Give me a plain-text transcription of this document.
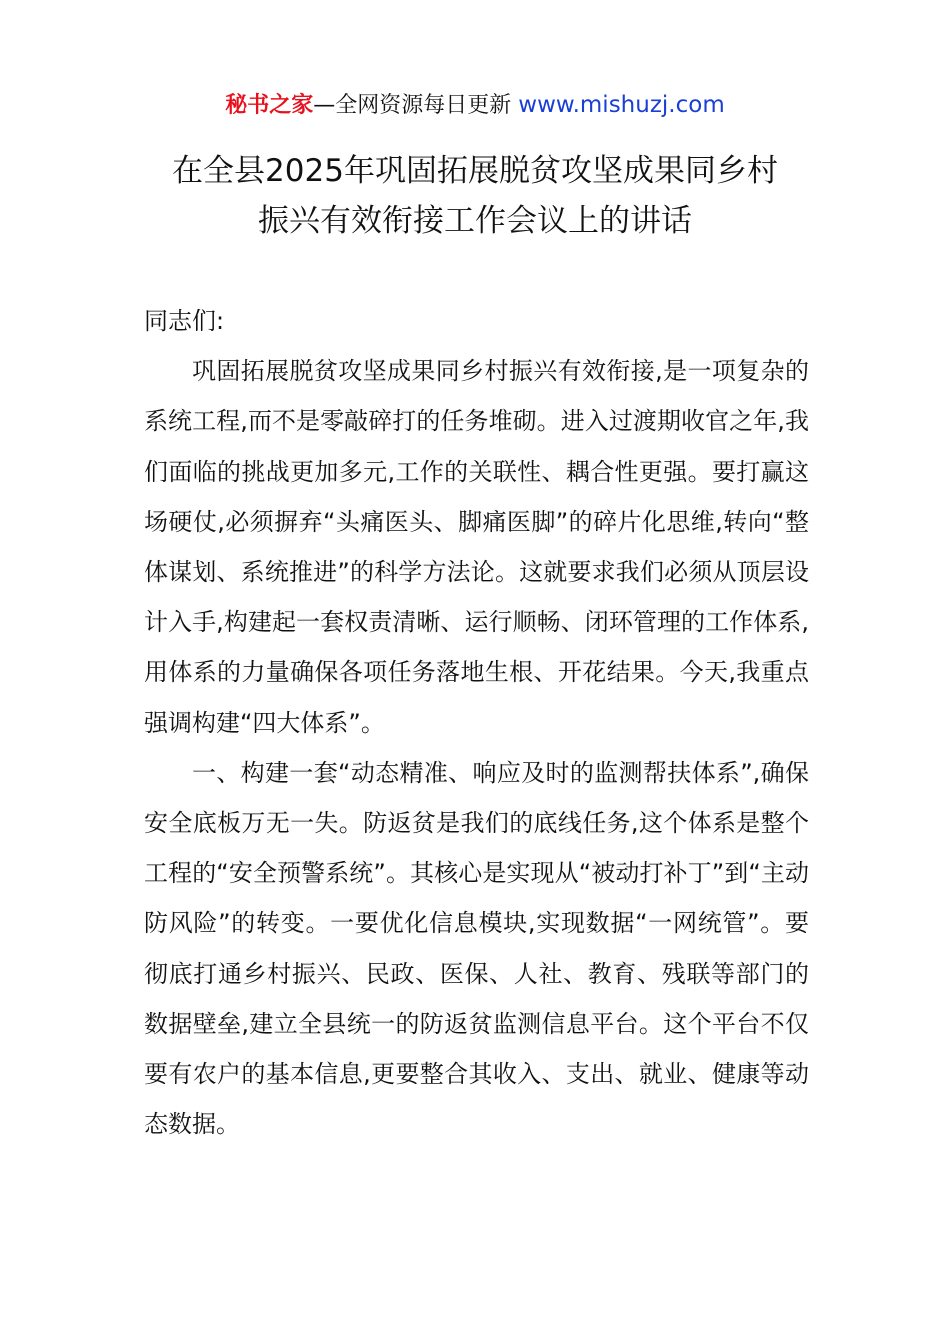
秘书之家—全网资源每日更新 www.mishuzj.com
在全县2025年巩固拓展脱贫攻坚成果同乡村
振兴有效衔接工作会议上的讲话

同志们:

巩固拓展脱贫攻坚成果同乡村振兴有效衔接,是一项复杂的系统工程,而不是零敲碎打的任务堆砌。进入过渡期收官之年,我们面临的挑战更加多元,工作的关联性、耦合性更强。要打赢这场硬仗,必须摒弃“头痛医头、脚痛医脚”的碎片化思维,转向“整体谋划、系统推进”的科学方法论。这就要求我们必须从顶层设计入手,构建起一套权责清晰、运行顺畅、闭环管理的工作体系,用体系的力量确保各项任务落地生根、开花结果。今天,我重点强调构建“四大体系”。

一、构建一套“动态精准、响应及时的监测帮扶体系”,确保安全底板万无一失。防返贫是我们的底线任务,这个体系是整个工程的“安全预警系统”。其核心是实现从“被动打补丁”到“主动防风险”的转变。一要优化信息模块,实现数据“一网统管”。要彻底打通乡村振兴、民政、医保、人社、教育、残联等部门的数据壁垒,建立全县统一的防返贫监测信息平台。这个平台不仅要有农户的基本信息,更要整合其收入、支出、就业、健康等动态数据。
